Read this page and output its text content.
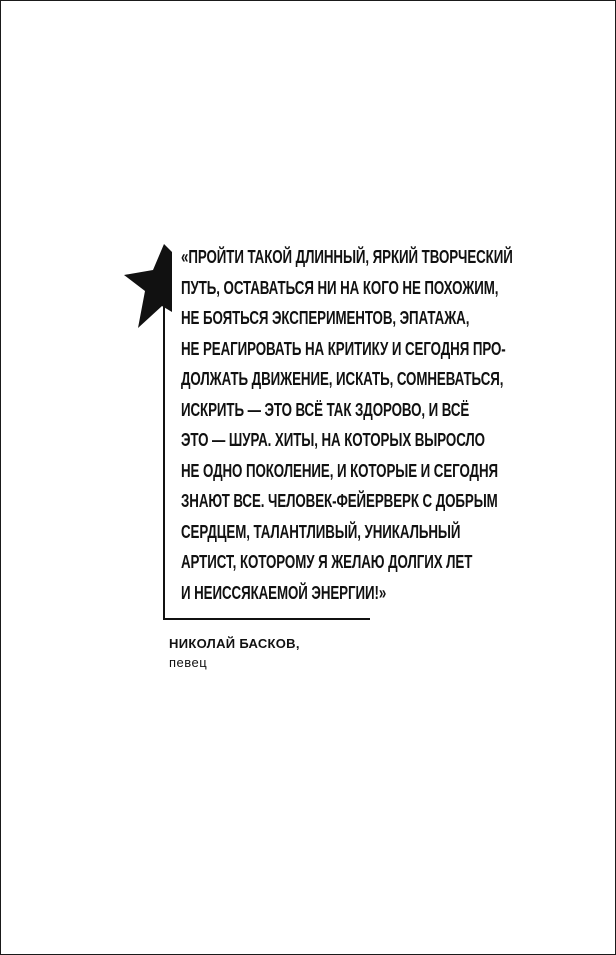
«ПРОЙТИ ТАКОЙ ДЛИННЫЙ, ЯРКИЙ ТВОРЧЕСКИЙ
ПУТЬ, ОСТАВАТЬСЯ НИ НА КОГО НЕ ПОХОЖИМ,
НЕ БОЯТЬСЯ ЭКСПЕРИМЕНТОВ, ЭПАТАЖА,
НЕ РЕАГИРОВАТЬ НА КРИТИКУ И СЕГОДНЯ ПРО-
ДОЛЖАТЬ ДВИЖЕНИЕ, ИСКАТЬ, СОМНЕВАТЬСЯ,
ИСКРИТЬ — ЭТО ВСЁ ТАК ЗДОРОВО, И ВСЁ
ЭТО — ШУРА. ХИТЫ, НА КОТОРЫХ ВЫРОСЛО
НЕ ОДНО ПОКОЛЕНИЕ, И КОТОРЫЕ И СЕГОДНЯ
ЗНАЮТ ВСЕ. ЧЕЛОВЕК-ФЕЙЕРВЕРК С ДОБРЫМ
СЕРДЦЕМ, ТАЛАНТЛИВЫЙ, УНИКАЛЬНЫЙ
АРТИСТ, КОТОРОМУ Я ЖЕЛАЮ ДОЛГИХ ЛЕТ
И НЕИССЯКАЕМОЙ ЭНЕРГИИ!»
НИКОЛАЙ БАСКОВ,
певец
